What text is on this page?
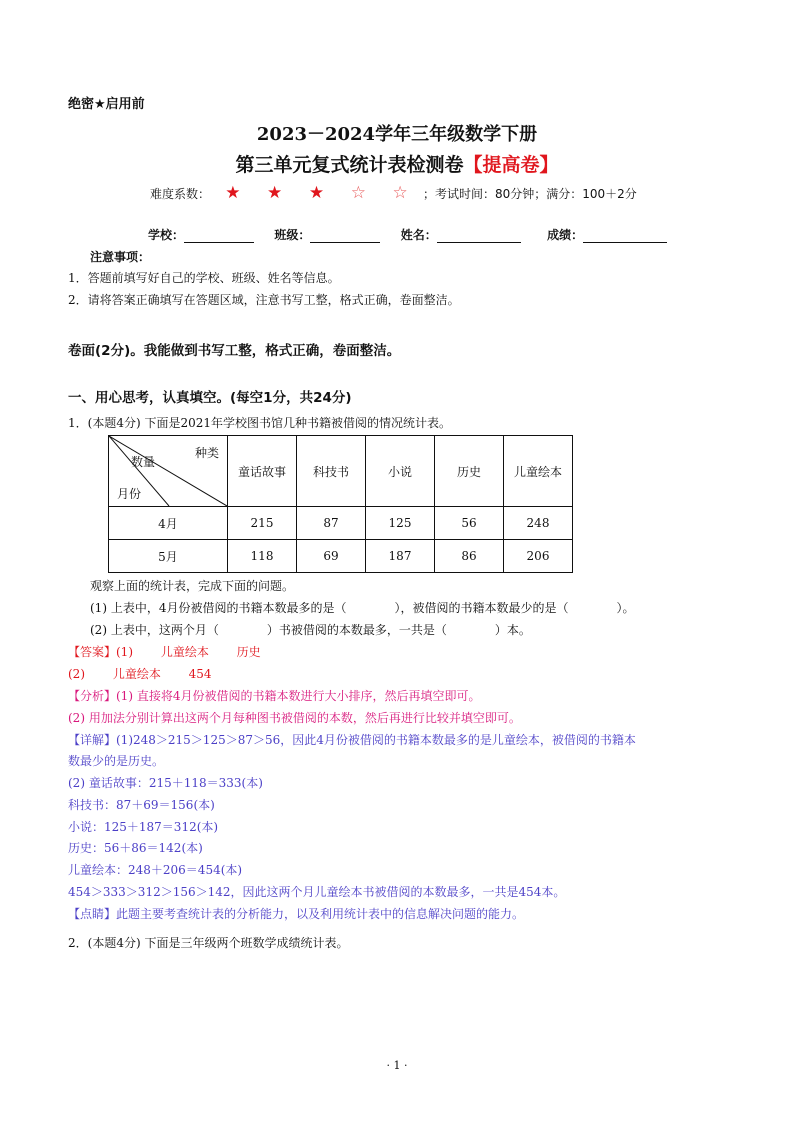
绝密★启用前
2023－2024学年三年级数学下册
第三单元复式统计表检测卷【提高卷】
难度系数： ★ ★ ★ ☆ ☆ ；考试时间：80分钟；满分：100＋2分
学校：	班级：	姓名：	成绩：
注意事项：
1．答题前填写好自己的学校、班级、姓名等信息。
2．请将答案正确填写在答题区域，注意书写工整，格式正确，卷面整洁。
卷面(2分)。我能做到书写工整，格式正确，卷面整洁。
一、用心思考，认真填空。(每空1分，共24分)
1．(本题4分) 下面是2021年学校图书馆几种书籍被借阅的情况统计表。
种类
数量
月份	童话故事	科技书	小说	历史	儿童绘本
4月	215	87	125	56	248
5月	118	69	187	86	206
观察上面的统计表，完成下面的问题。
(1) 上表中，4月份被借阅的书籍本数最多的是（　　　　），被借阅的书籍本数最少的是（　　　　）。
(2) 上表中，这两个月（　　　　）书被借阅的本数最多，一共是（　　　　）本。
【答案】(1)　　 儿童绘本　　 历史
(2)　　 儿童绘本　　 454
【分析】(1) 直接将4月份被借阅的书籍本数进行大小排序，然后再填空即可。
(2) 用加法分别计算出这两个月每种图书被借阅的本数，然后再进行比较并填空即可。
【详解】(1)248＞215＞125＞87＞56，因此4月份被借阅的书籍本数最多的是儿童绘本，被借阅的书籍本
数最少的是历史。
(2) 童话故事：215＋118＝333(本)
科技书：87＋69＝156(本)
小说：125＋187＝312(本)
历史：56＋86＝142(本)
儿童绘本：248＋206＝454(本)
454＞333＞312＞156＞142，因此这两个月儿童绘本书被借阅的本数最多，一共是454本。
【点睛】此题主要考查统计表的分析能力，以及利用统计表中的信息解决问题的能力。
2．(本题4分) 下面是三年级两个班数学成绩统计表。
· 1 ·
